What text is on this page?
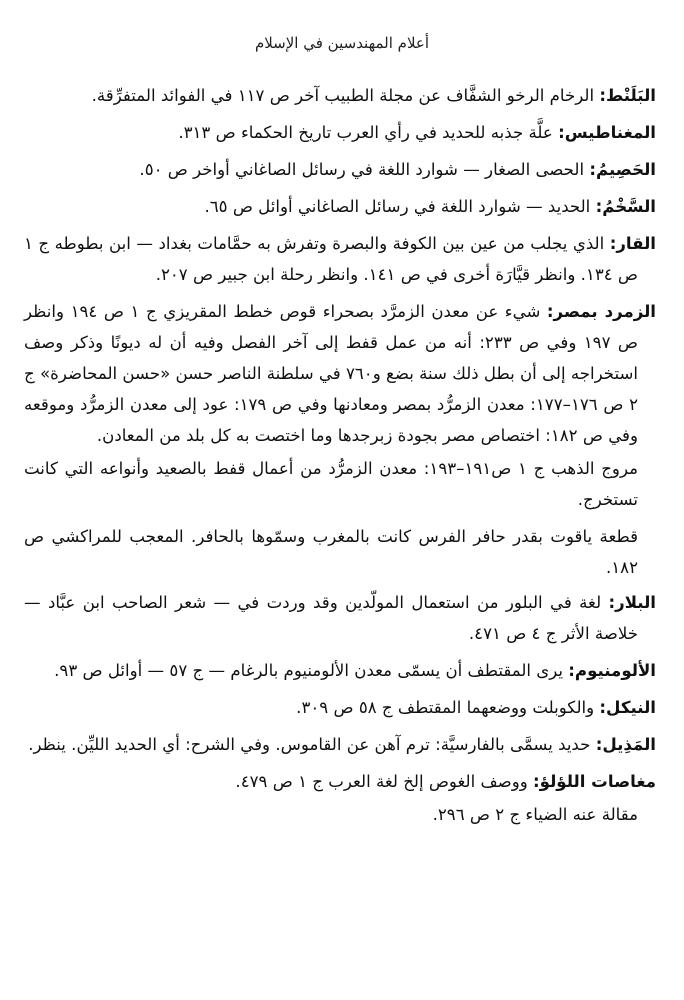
أعلام المهندسين في الإسلام

البَلَنْط: الرخام الرخو الشفَّاف عن مجلة الطبيب آخر ص ١١٧ في الفوائد المتفرِّقة.

المغناطيس: علَّة جذبه للحديد في رأي العرب تاريخ الحكماء ص ٣١٣.

الحَصِيمُ: الحصى الصغار — شوارد اللغة في رسائل الصاغاني أواخر ص ٥٠.

السَّخْمُ: الحديد — شوارد اللغة في رسائل الصاغاني أوائل ص ٦٥.

القار: الذي يجلب من عين بين الكوفة والبصرة وتفرش به حمَّامات بغداد — ابن بطوطه ج ١ ص ١٣٤. وانظر قيَّارَة أخرى في ص ١٤١. وانظر رحلة ابن جبير ص ٢٠٧.

الزمرد بمصر: شيء عن معدن الزمرَّد بصحراء قوص خطط المقريزي ج ١ ص ١٩٤ وانظر ص ١٩٧ وفي ص ٢٣٣: أنه من عمل قفط إلى آخر الفصل وفيه أن له ديونًا وذكر وصف استخراجه إلى أن بطل ذلك سنة بضع و٧٦٠ في سلطنة الناصر حسن «حسن المحاضرة» ج ٢ ص ١٧٦–١٧٧: معدن الزمرُّد بمصر ومعادنها وفي ص ١٧٩: عود إلى معدن الزمرُّد وموقعه وفي ص ١٨٢: اختصاص مصر بجودة زبرجدها وما اختصت به كل بلد من المعادن.

مروج الذهب ج ١ ص١٩١–١٩٣: معدن الزمرُّد من أعمال قفط بالصعيد وأنواعه التي كانت تستخرج.

قطعة ياقوت بقدر حافر الفرس كانت بالمغرب وسمّوها بالحافر. المعجب للمراكشي ص ١٨٢.

البلار: لغة في البلور من استعمال المولّدين وقد وردت في — شعر الصاحب ابن عبَّاد — خلاصة الأثر ج ٤ ص ٤٧١.

الألومنيوم: يرى المقتطف أن يسمّى معدن الألومنيوم بالرغام — ج ٥٧ — أوائل ص ٩٣.

النيكل: والكوبلت ووضعهما المقتطف ج ٥٨ ص ٣٠٩.

المَذِيل: حديد يسمَّى بالفارسيَّة: ترم آهن عن القاموس. وفي الشرح: أي الحديد الليِّن. ينظر.

مغاصات اللؤلؤ: ووصف الغوص إلخ لغة العرب ج ١ ص ٤٧٩.

مقالة عنه الضياء ج ٢ ص ٢٩٦.
